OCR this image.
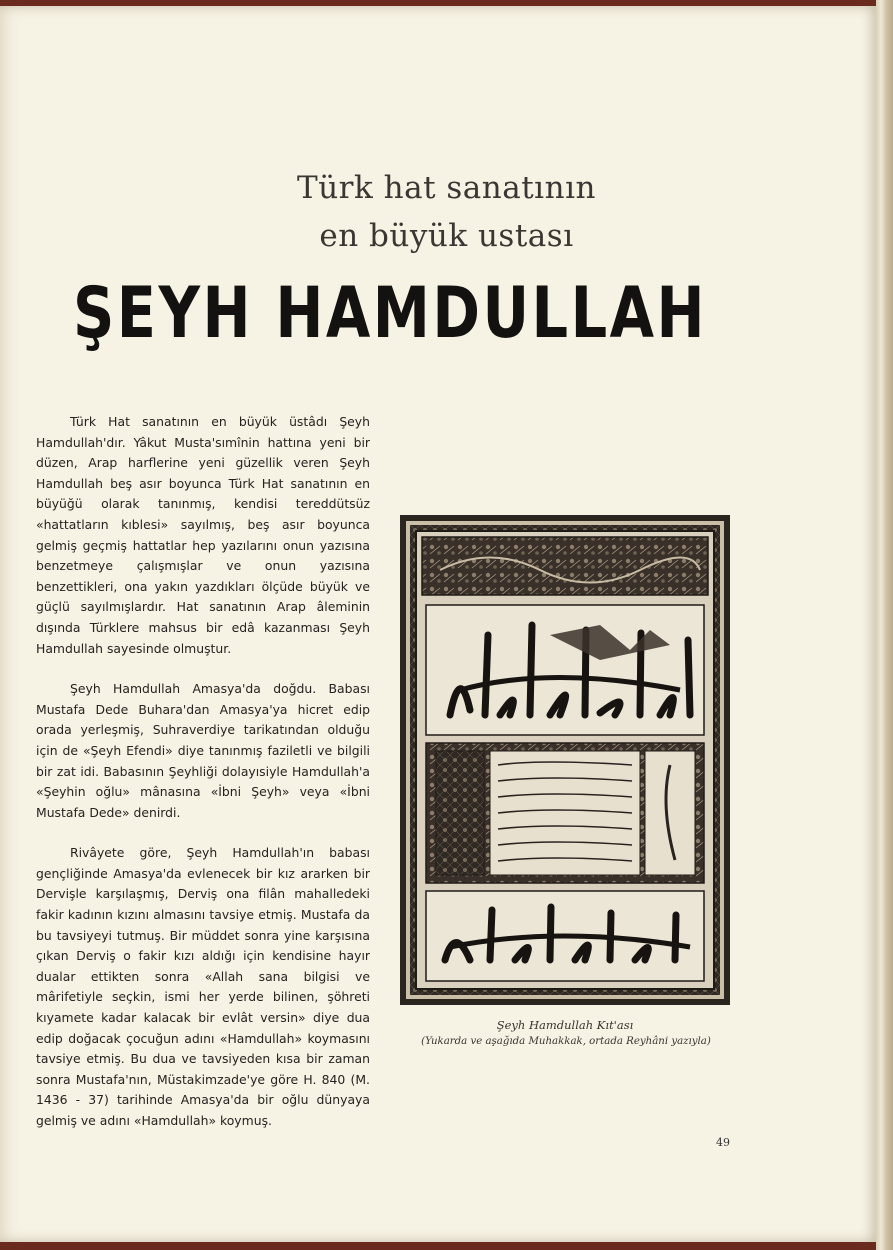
Türk hat sanatının
en büyük ustası
ŞEYH HAMDULLAH

Türk Hat sanatının en büyük üstâdı Şeyh Hamdullah'dır. Yâkut Musta'sımînin hattına yeni bir düzen, Arap harflerine yeni güzellik veren Şeyh Hamdullah beş asır boyunca Türk Hat sanatının en büyüğü olarak tanınmış, kendisi tereddütsüz «hattatların kıblesi» sayılmış, beş asır boyunca gelmiş geçmiş hattatlar hep yazılarını onun yazısına benzetmeye çalışmışlar ve onun yazısına benzettikleri, ona yakın yazdıkları ölçüde büyük ve güçlü sayılmışlardır. Hat sanatının Arap âleminin dışında Türklere mahsus bir edâ kazanması Şeyh Hamdullah sayesinde olmuştur.

Şeyh Hamdullah Amasya'da doğdu. Babası Mustafa Dede Buhara'dan Amasya'ya hicret edip orada yerleşmiş, Suhraverdiye tarikatından olduğu için de «Şeyh Efendi» diye tanınmış faziletli ve bilgili bir zat idi. Babasının Şeyhliği dolayısiyle Hamdullah'a «Şeyhin oğlu» mânasına «İbni Şeyh» veya «İbni Mustafa Dede» denirdi.

Rivâyete göre, Şeyh Hamdullah'ın babası gençliğinde Amasya'da evlenecek bir kız ararken bir Dervişle karşılaşmış, Derviş ona filân mahalledeki fakir kadının kızını almasını tavsiye etmiş. Mustafa da bu tavsiyeyi tutmuş. Bir müddet sonra yine karşısına çıkan Derviş o fakir kızı aldığı için kendisine hayır dualar ettikten sonra «Allah sana bilgisi ve mârifetiyle seçkin, ismi her yerde bilinen, şöhreti kıyamete kadar kalacak bir evlât versin» diye dua edip doğacak çocuğun adını «Hamdullah» koymasını tavsiye etmiş. Bu dua ve tavsiyeden kısa bir zaman sonra Mustafa'nın, Müstakimzade'ye göre H. 840 (M. 1436 - 37) tarihinde Amasya'da bir oğlu dünyaya gelmiş ve adını «Hamdullah» koymuş.

Şeyh Hamdullah Kıt'ası
(Yukarda ve aşağıda Muhakkak, ortada Reyhâni yazıyla)
49
